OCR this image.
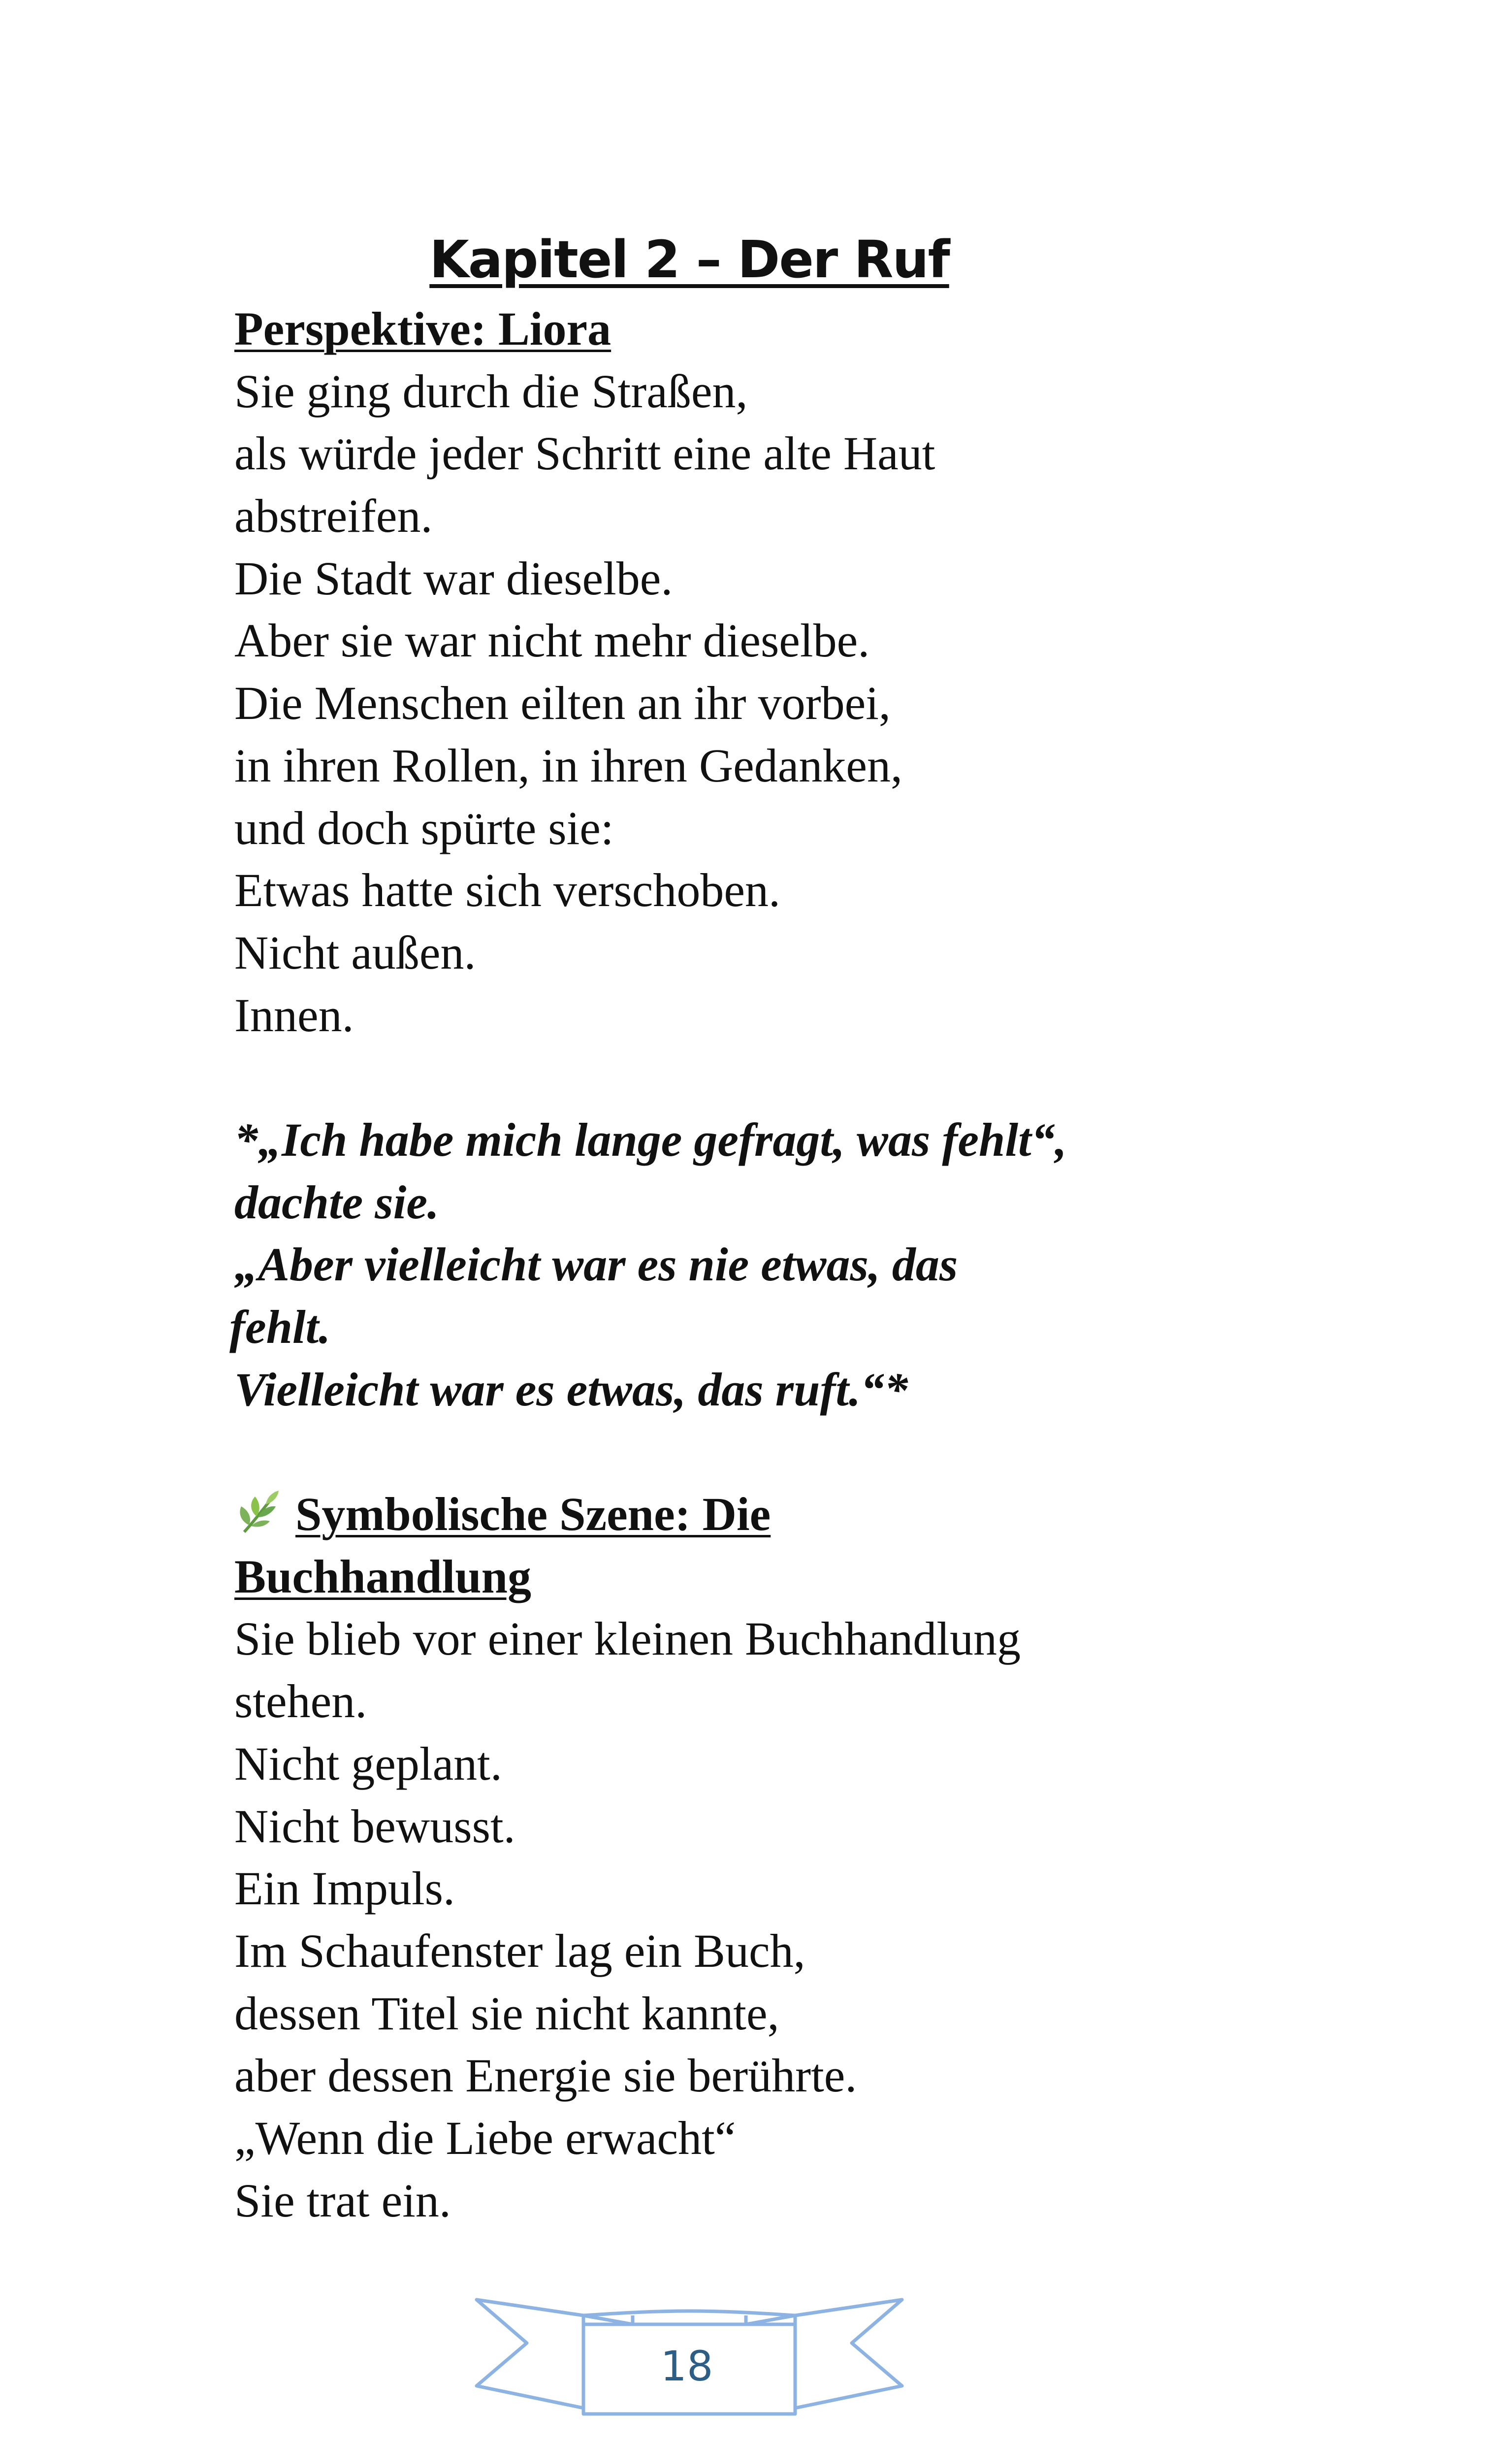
Kapitel 2 – Der Ruf
Perspektive: Liora
Sie ging durch die Straßen,
als würde jeder Schritt eine alte Haut
abstreifen.
Die Stadt war dieselbe.
Aber sie war nicht mehr dieselbe.
Die Menschen eilten an ihr vorbei,
in ihren Rollen, in ihren Gedanken,
und doch spürte sie:
Etwas hatte sich verschoben.
Nicht außen.
Innen.
*„Ich habe mich lange gefragt, was fehlt“,
dachte sie.
„Aber vielleicht war es nie etwas, das
fehlt.
Vielleicht war es etwas, das ruft.“*
Symbolische Szene: Die
Buchhandlung
Sie blieb vor einer kleinen Buchhandlung
stehen.
Nicht geplant.
Nicht bewusst.
Ein Impuls.
Im Schaufenster lag ein Buch,
dessen Titel sie nicht kannte,
aber dessen Energie sie berührte.
„Wenn die Liebe erwacht“
Sie trat ein.
18
